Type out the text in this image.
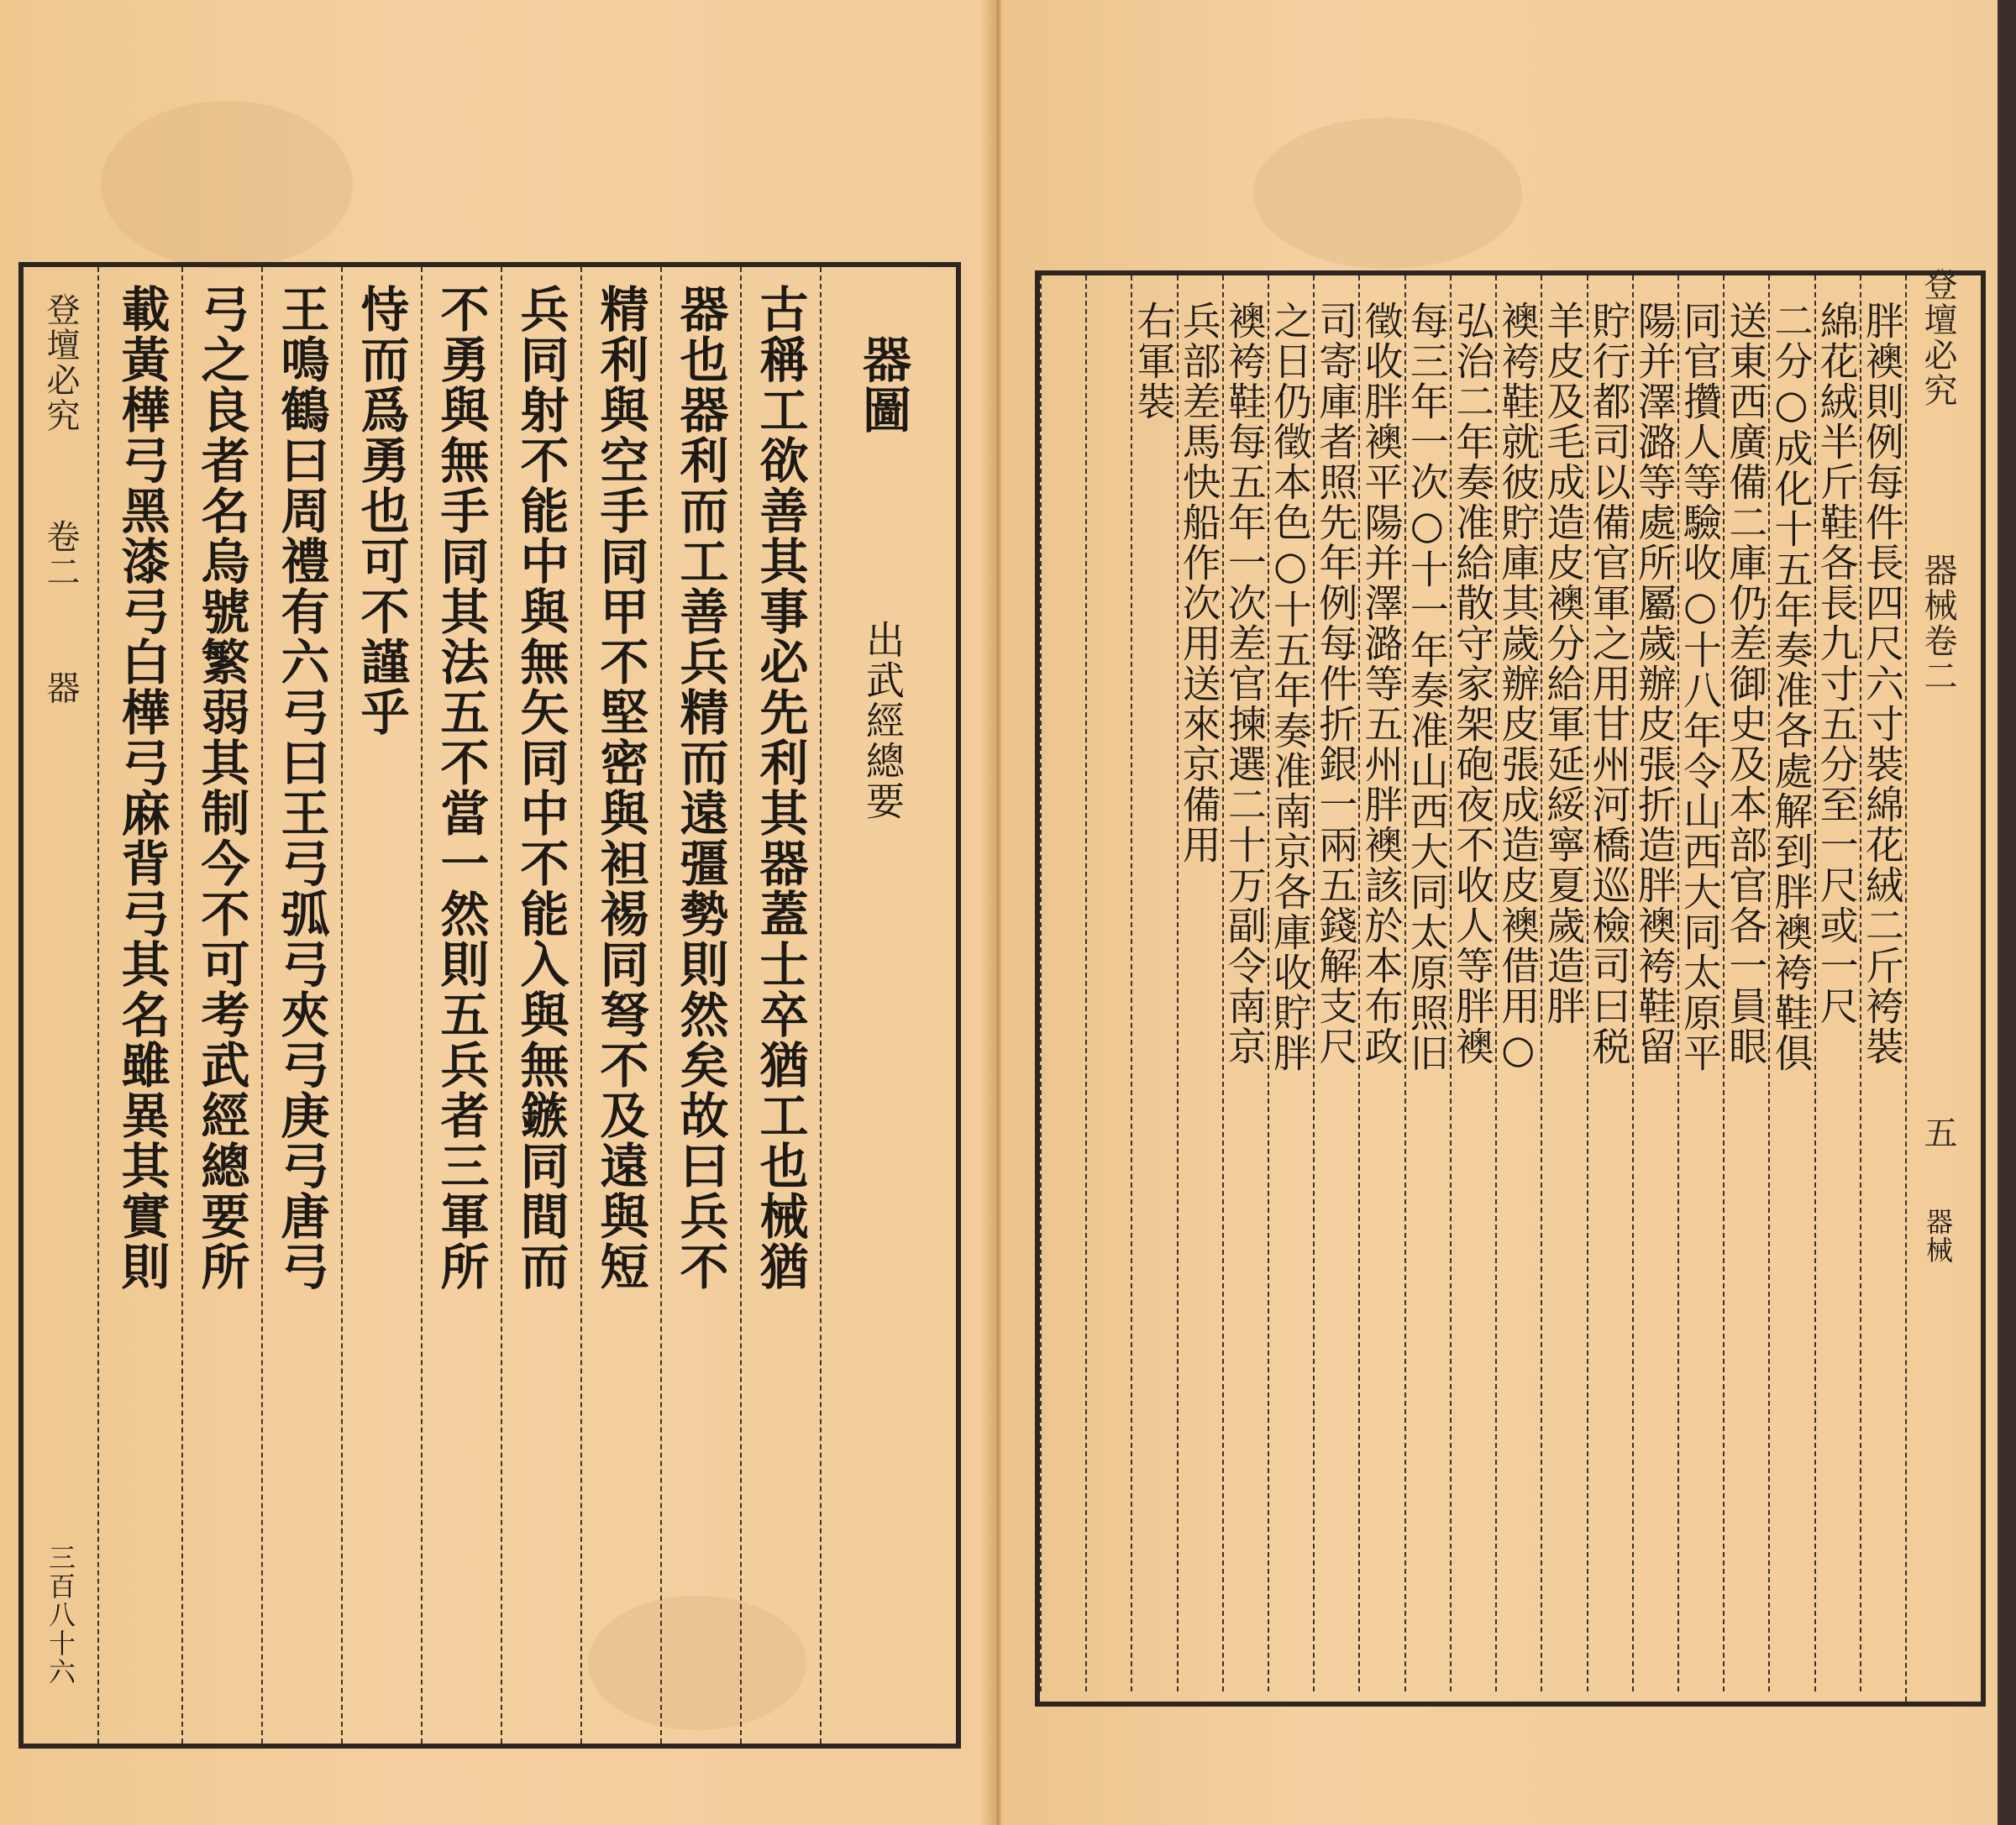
登壇必究
卷二
器
三百八十六
器圖
出武經總要
古稱工欲善其事必先利其器蓋士卒猶工也械猶
器也器利而工善兵精而遠彊勢則然矣故曰兵不
精利與空手同甲不堅密與袒裼同弩不及遠與短
兵同射不能中與無矢同中不能入與無鏃同間而
不勇與無手同其法五不當一然則五兵者三軍所
恃而爲勇也可不謹乎
王鳴鶴曰周禮有六弓曰王弓弧弓夾弓庚弓唐弓
弓之良者名烏號繁弱其制今不可考武經總要所
載黃樺弓黑漆弓白樺弓麻背弓其名雖異其實則	登壇必究
器械卷二
五
器械
胖襖則例每件長四尺六寸裝綿花絨二斤袴裝
綿花絨半斤鞋各長九寸五分至一尺或一尺
二分○成化十五年奏准各處解到胖襖袴鞋俱
送東西廣備二庫仍差御史及本部官各一員眼
同官攢人等驗收○十八年令山西大同太原平
陽并澤潞等處所屬歲辦皮張折造胖襖袴鞋留
貯行都司以備官軍之用甘州河橋巡檢司曰税
羊皮及毛成造皮襖分給軍延綏寧夏歲造胖
襖袴鞋就彼貯庫其歲辦皮張成造皮襖借用○
弘治二年奏准給散守家架砲夜不收人等胖襖
每三年一次○十一年奏准山西大同太原照旧
徵收胖襖平陽并澤潞等五州胖襖該於本布政
司寄庫者照先年例每件折銀一兩五錢解支尺
之日仍徵本色○十五年奏准南京各庫收貯胖
襖袴鞋每五年一次差官揀選二十万副令南京
兵部差馬快船作次用送來京備用
右軍裝
